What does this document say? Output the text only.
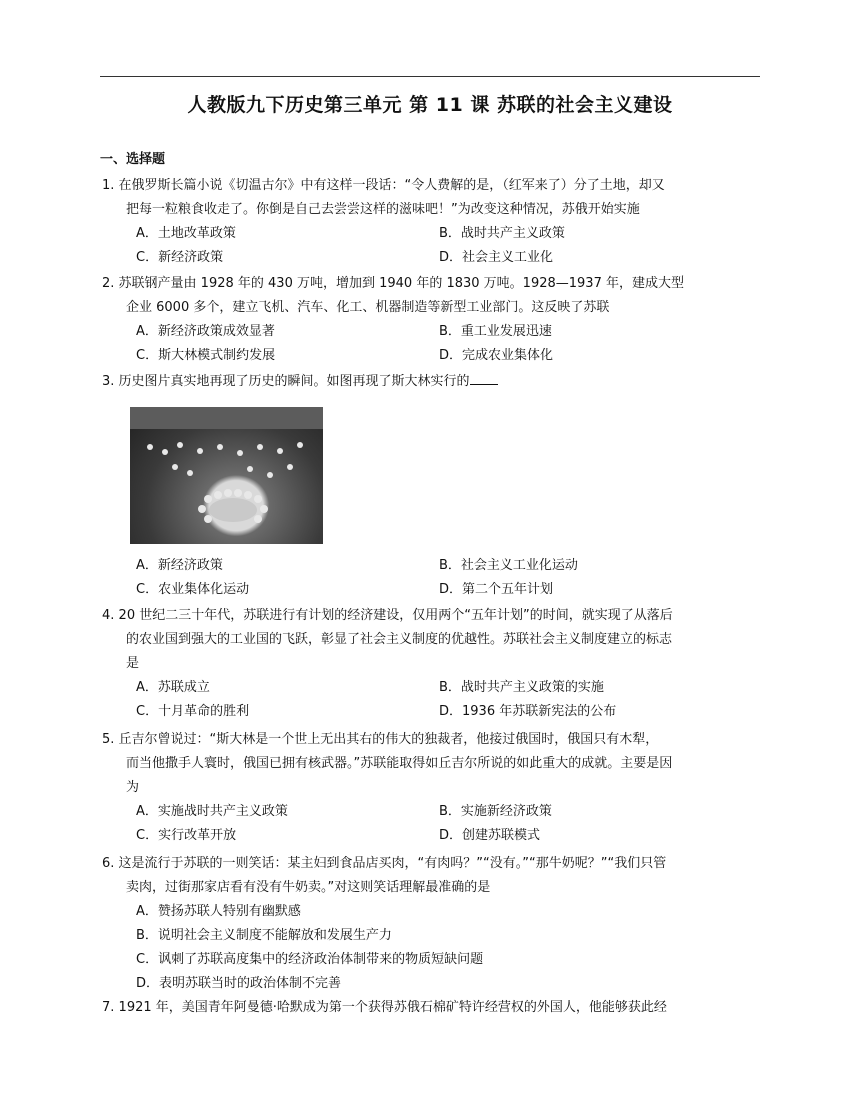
人教版九下历史第三单元 第 11 课 苏联的社会主义建设
一、选择题
1. 在俄罗斯长篇小说《切温古尔》中有这样一段话：“令人费解的是，（红军来了）分了土地，却又
把每一粒粮食收走了。你倒是自己去尝尝这样的滋味吧！”为改变这种情况，苏俄开始实施
A．土地改革政策	B．战时共产主义政策
C．新经济政策	D．社会主义工业化
2. 苏联钢产量由 1928 年的 430 万吨，增加到 1940 年的 1830 万吨。1928—1937 年，建成大型
企业 6000 多个，建立飞机、汽车、化工、机器制造等新型工业部门。这反映了苏联
A．新经济政策成效显著	B．重工业发展迅速
C．斯大林模式制约发展	D．完成农业集体化
3. 历史图片真实地再现了历史的瞬间。如图再现了斯大林实行的
A．新经济政策	B．社会主义工业化运动
C．农业集体化运动	D．第二个五年计划
4. 20 世纪二三十年代，苏联进行有计划的经济建设，仅用两个“五年计划”的时间，就实现了从落后
的农业国到强大的工业国的飞跃，彰显了社会主义制度的优越性。苏联社会主义制度建立的标志
是
A．苏联成立	B．战时共产主义政策的实施
C．十月革命的胜利	D．1936 年苏联新宪法的公布
5. 丘吉尔曾说过：“斯大林是一个世上无出其右的伟大的独裁者，他接过俄国时，俄国只有木犁，
而当他撒手人寰时，俄国已拥有核武器。”苏联能取得如丘吉尔所说的如此重大的成就。主要是因
为
A．实施战时共产主义政策	B．实施新经济政策
C．实行改革开放	D．创建苏联模式
6. 这是流行于苏联的一则笑话：某主妇到食品店买肉，“有肉吗？”“没有。”“那牛奶呢？”“我们只管
卖肉，过街那家店看有没有牛奶卖。”对这则笑话理解最准确的是
A．赞扬苏联人特别有幽默感
B．说明社会主义制度不能解放和发展生产力
C．讽刺了苏联高度集中的经济政治体制带来的物质短缺问题
D．表明苏联当时的政治体制不完善
7. 1921 年，美国青年阿曼德·哈默成为第一个获得苏俄石棉矿特许经营权的外国人，他能够获此经
